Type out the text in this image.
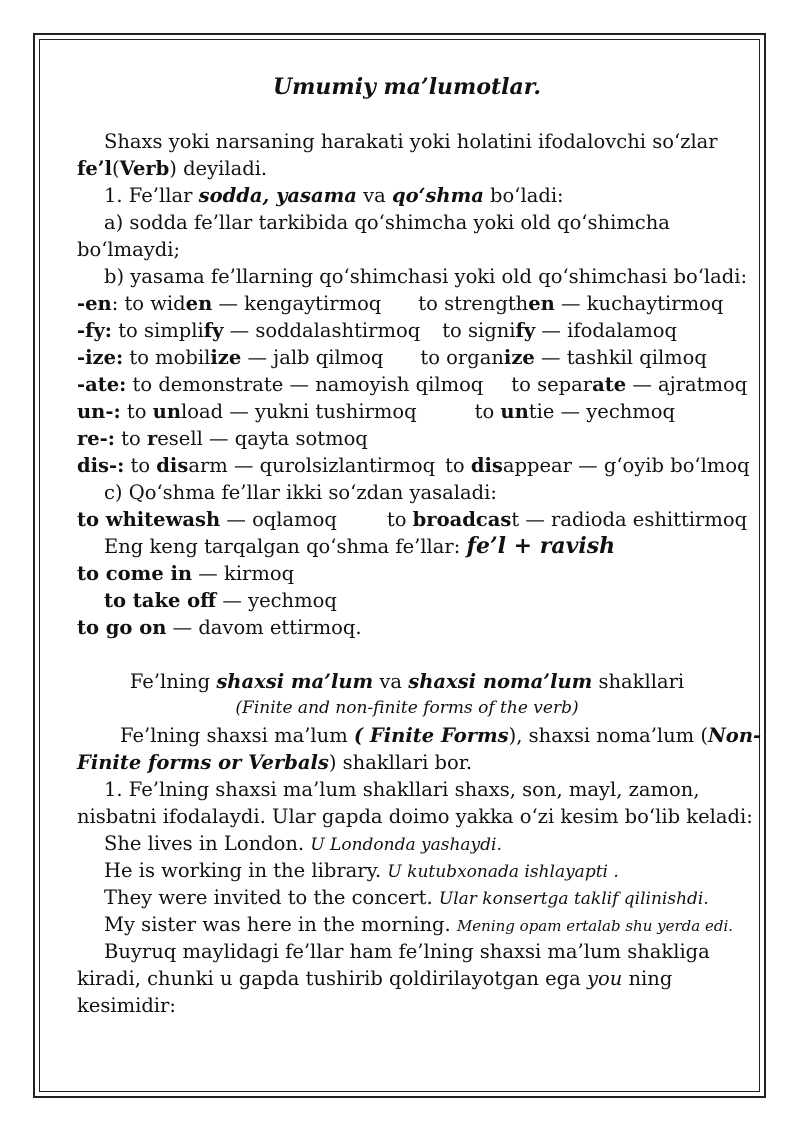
Umumiy ma’lumotlar.
Shaxs yoki narsaning harakati yoki holatini ifodalovchi so‘zlar
fe’l(Verb) deyiladi.
1. Fe’llar sodda, yasama va qo‘shma bo‘ladi:
a) sodda fe’llar tarkibida qo‘shimcha yoki old qo‘shimcha
bo‘lmaydi;
b) yasama fe’llarning qo‘shimchasi yoki old qo‘shimchasi bo‘ladi:
-en: to widen — kengaytirmoq to strengthen — kuchaytirmoq
-fy: to simplify — soddalashtirmoq to signify — ifodalamoq
-ize: to mobilize — jalb qilmoq to organize — tashkil qilmoq
-ate: to demonstrate — namoyish qilmoq to separate — ajratmoq
un-: to unload — yukni tushirmoq	to untie — yechmoq
re-: to resell — qayta sotmoq
dis-: to disarm — qurolsizlantirmoq to disappear — g‘oyib bo‘lmoq
c) Qo‘shma fe’llar ikki so‘zdan yasaladi:
to whitewash — oqlamoq	to broadcast — radioda eshittirmoq
Eng keng tarqalgan qo‘shma fe’llar: fe’l + ravish
to come in — kirmoq
to take off — yechmoq
to go on — davom ettirmoq.
Fe’lning shaxsi ma’lum va shaxsi noma’lum shakllari
(Finite and non-finite forms of the verb)
Fe’lning shaxsi ma’lum ( Finite Forms), shaxsi noma’lum (Non-
Finite forms or Verbals) shakllari bor.
1. Fe’lning shaxsi ma’lum shakllari shaxs, son, mayl, zamon,
nisbatni ifodalaydi. Ular gapda doimo yakka o‘zi kesim bo‘lib keladi:
She lives in London. U Londonda yashaydi.
He is working in the library. U kutubxonada ishlayapti .
They were invited to the concert. Ular konsertga taklif qilinishdi.
My sister was here in the morning. Mening opam ertalab shu yerda edi.
Buyruq maylidagi fe’llar ham fe’lning shaxsi ma’lum shakliga
kiradi, chunki u gapda tushirib qoldirilayotgan ega you ning
kesimidir:
